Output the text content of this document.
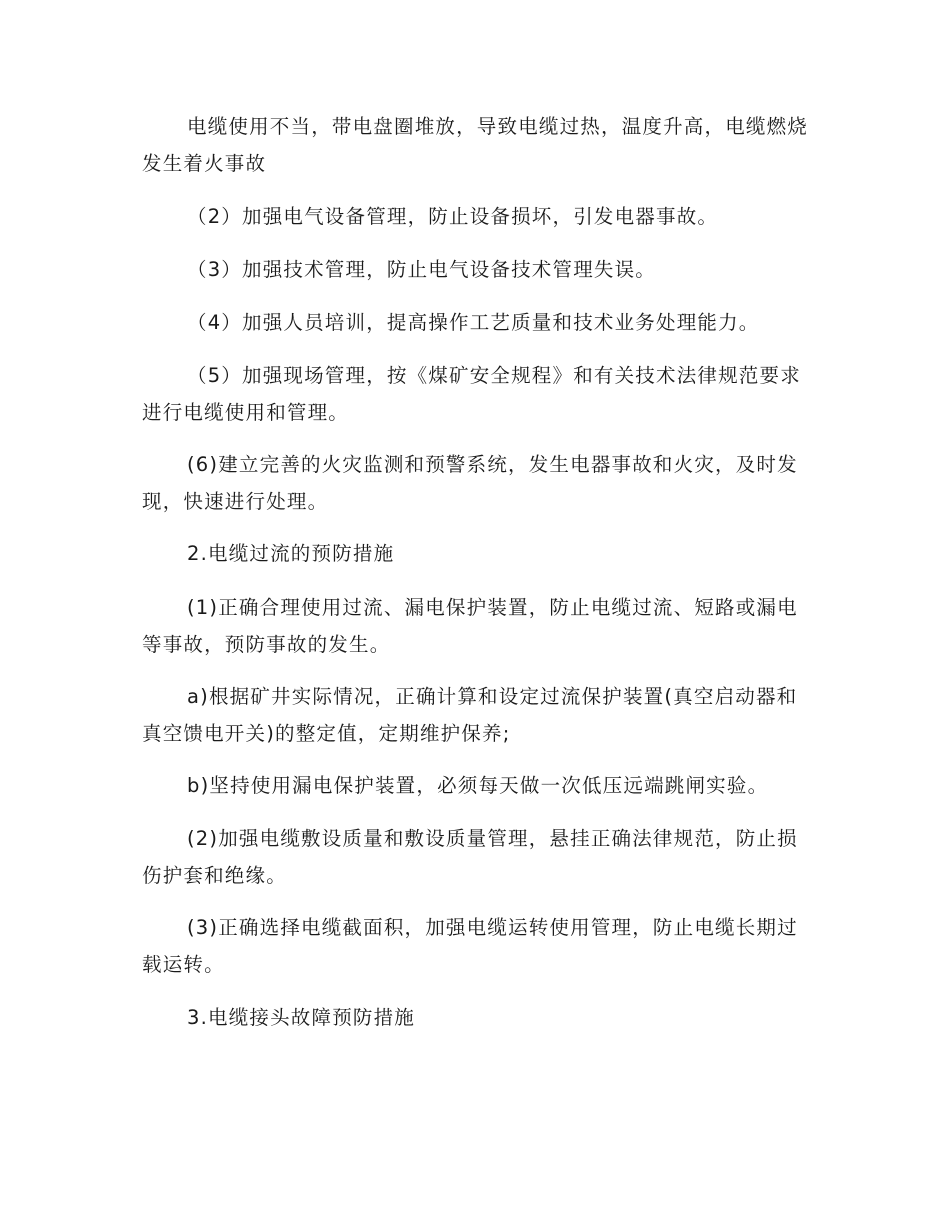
电缆使用不当，带电盘圈堆放，导致电缆过热，温度升高，电缆燃烧发生着火事故

（2）加强电气设备管理，防止设备损坏，引发电器事故。

（3）加强技术管理，防止电气设备技术管理失误。

（4）加强人员培训，提高操作工艺质量和技术业务处理能力。

（5）加强现场管理，按《煤矿安全规程》和有关技术法律规范要求进行电缆使用和管理。

(6)建立完善的火灾监测和预警系统，发生电器事故和火灾，及时发现，快速进行处理。

2.电缆过流的预防措施

(1)正确合理使用过流、漏电保护装置，防止电缆过流、短路或漏电等事故，预防事故的发生。

a)根据矿井实际情况，正确计算和设定过流保护装置(真空启动器和真空馈电开关)的整定值，定期维护保养;

b)坚持使用漏电保护装置，必须每天做一次低压远端跳闸实验。

(2)加强电缆敷设质量和敷设质量管理，悬挂正确法律规范，防止损伤护套和绝缘。

(3)正确选择电缆截面积，加强电缆运转使用管理，防止电缆长期过载运转。

3.电缆接头故障预防措施
